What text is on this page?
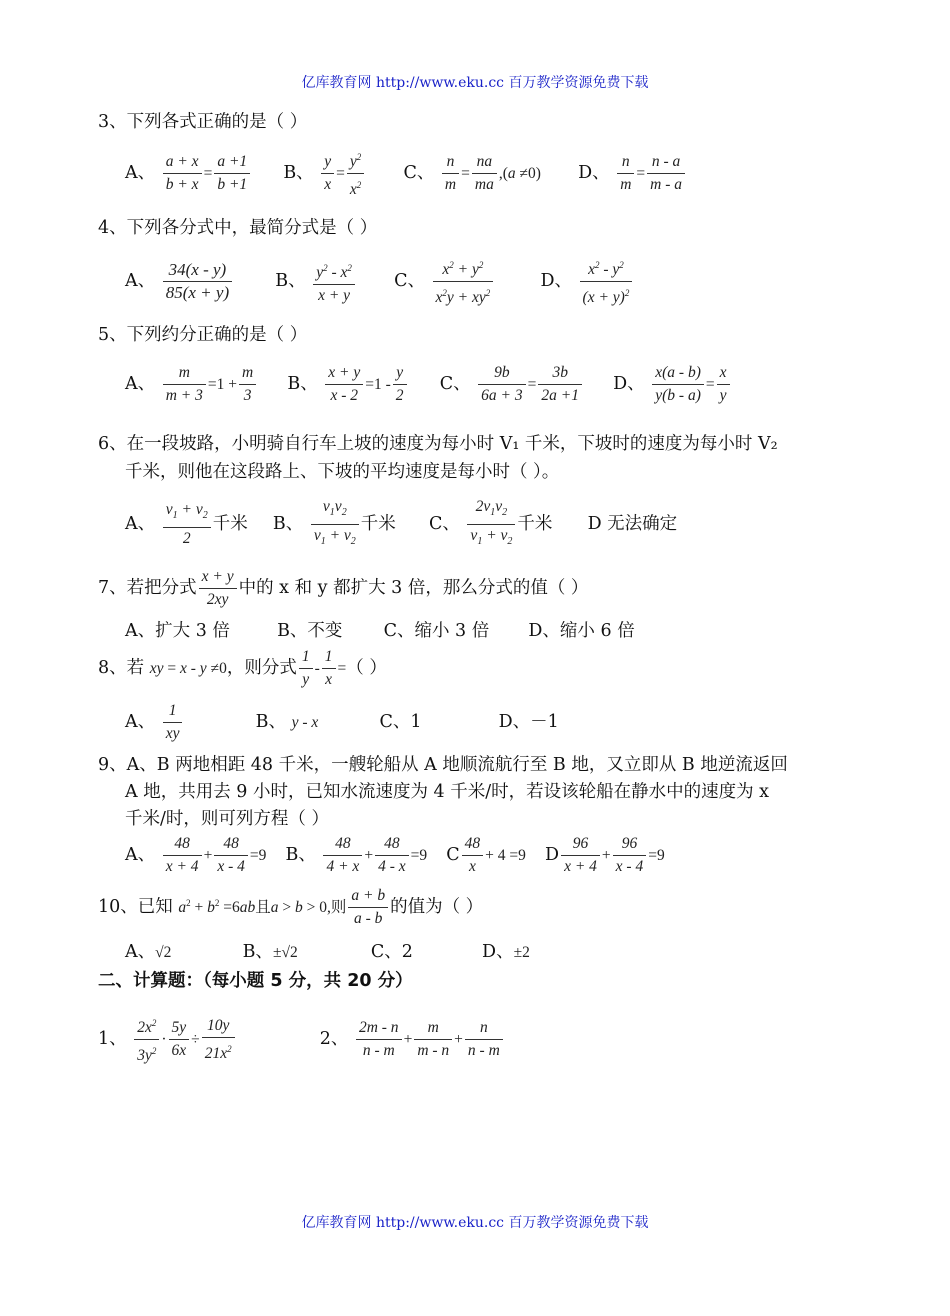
亿库教育网 http://www.eku.cc 百万教学资源免费下载
3、下列各式正确的是（ ）
A、 $\frac{a + x}{b + x} = \frac{a +1}{b +1}$ B、 $\frac{y}{x} = \frac{y^2}{x^2}$ C、 $\frac{n}{m} = \frac{na}{ma} ,(a \ne 0)$ D、 $\frac{n}{m} = \frac{n - a}{m - a}$
4、下列各分式中，最简分式是（ ）
A、 $\frac{34(x - y)}{85(x + y)}$ B、 $\frac{y^2 - x^2}{x + y}$ C、 $\frac{x^2 + y^2}{x^2y + xy^2}$	D、 $\frac{x^2 - y^2}{(x + y)^2}$
5、下列约分正确的是（ ）
A、 $\frac{m}{m + 3} =1 + \frac{m}{3}$ B、 $\frac{x + y}{x - 2} =1 - \frac{y}{2}$ C、 $\frac{9b}{6a + 3} = \frac{3b}{2a +1}$ D、 $\frac{x(a - b)}{y(b - a)} = \frac{x}{y}$
6、在一段坡路，小明骑自行车上坡的速度为每小时 V₁ 千米，下坡时的速度为每小时 V₂
千米，则他在这段路上、下坡的平均速度是每小时（ ）。
A、 $\frac{v_1 + v_2}{2}$ 千米 B、 $\frac{v_1v_2}{v_1 + v_2}$ 千米 C、 $\frac{2v_1v_2}{v_1 + v_2}$ 千米 D 无法确定
7、若把分式 $\frac{x + y}{2xy}$ 中的 x 和 y 都扩大 3 倍，那么分式的值（ ）
A、扩大 3 倍	B、不变 C、缩小 3 倍 D、缩小 6 倍
8、若 xy = x - y ≠0，则分式 $\frac{1}{y} - \frac{1}{x}$ =（ ）
A、 $\frac{1}{xy}$	B、 y - x	C、1	D、－1
9、A、B 两地相距 48 千米，一艘轮船从 A 地顺流航行至 B 地，又立即从 B 地逆流返回
A 地，共用去 9 小时，已知水流速度为 4 千米/时，若设该轮船在静水中的速度为 x
千米/时，则可列方程（ ）
A、 $\frac{48}{x + 4} + \frac{48}{x - 4} =9$ B、 $\frac{48}{4 + x} + \frac{48}{4 - x} =9$ C $\frac{48}{x} + 4 =9$ D $\frac{96}{x + 4} + \frac{96}{x - 4} =9$
10、已知 $a^2 + b^2 =6ab$且a > b > 0,则 $\frac{a + b}{a - b}$ 的值为（ ）
A、√2	B、±√2	C、2	D、±2
二、计算题：（每小题 5 分，共 20 分）
1、 $\frac{2x^2}{3y^2} \cdot \frac{5y}{6x} \div \frac{10y}{21x^2}$	2、 $\frac{2m - n}{n - m} + \frac{m}{m - n} + \frac{n}{n - m}$
亿库教育网 http://www.eku.cc 百万教学资源免费下载
